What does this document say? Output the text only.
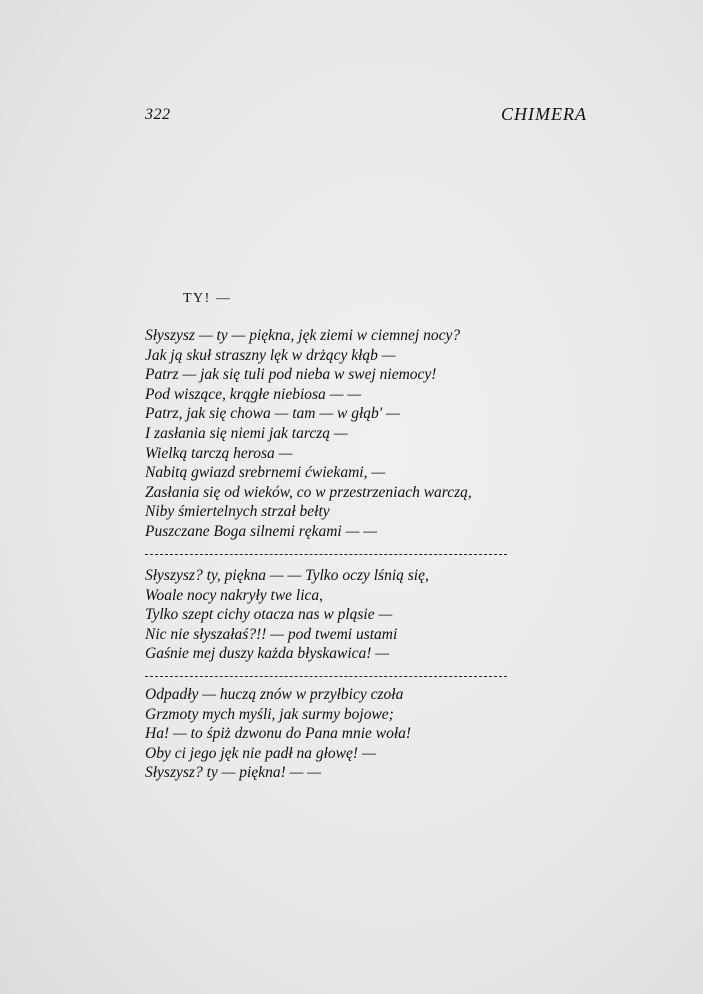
322	CHIMERA
TY! —
Słyszysz — ty — piękna, jęk ziemi w ciemnej nocy?
Jak ją skuł straszny lęk w drżący kłąb —
Patrz — jak się tuli pod nieba w swej niemocy!
Pod wiszące, krągłe niebiosa — —
Patrz, jak się chowa — tam — w głąb' —
I zasłania się niemi jak tarczą —
Wielką tarczą herosa —
Nabitą gwiazd srebrnemi ćwiekami, —
Zasłania się od wieków, co w przestrzeniach warczą,
Niby śmiertelnych strzał bełty
Puszczane Boga silnemi rękami — —
Słyszysz? ty, piękna — — Tylko oczy lśnią się,
Woale nocy nakryły twe lica,
Tylko szept cichy otacza nas w pląsie —
Nic nie słyszałaś?!! — pod twemi ustami
Gaśnie mej duszy każda błyskawica! —
Odpadły — huczą znów w przyłbicy czoła
Grzmoty mych myśli, jak surmy bojowe;
Ha! — to śpiż dzwonu do Pana mnie woła!
Oby ci jego jęk nie padł na głowę! —
Słyszysz? ty — piękna! — —
